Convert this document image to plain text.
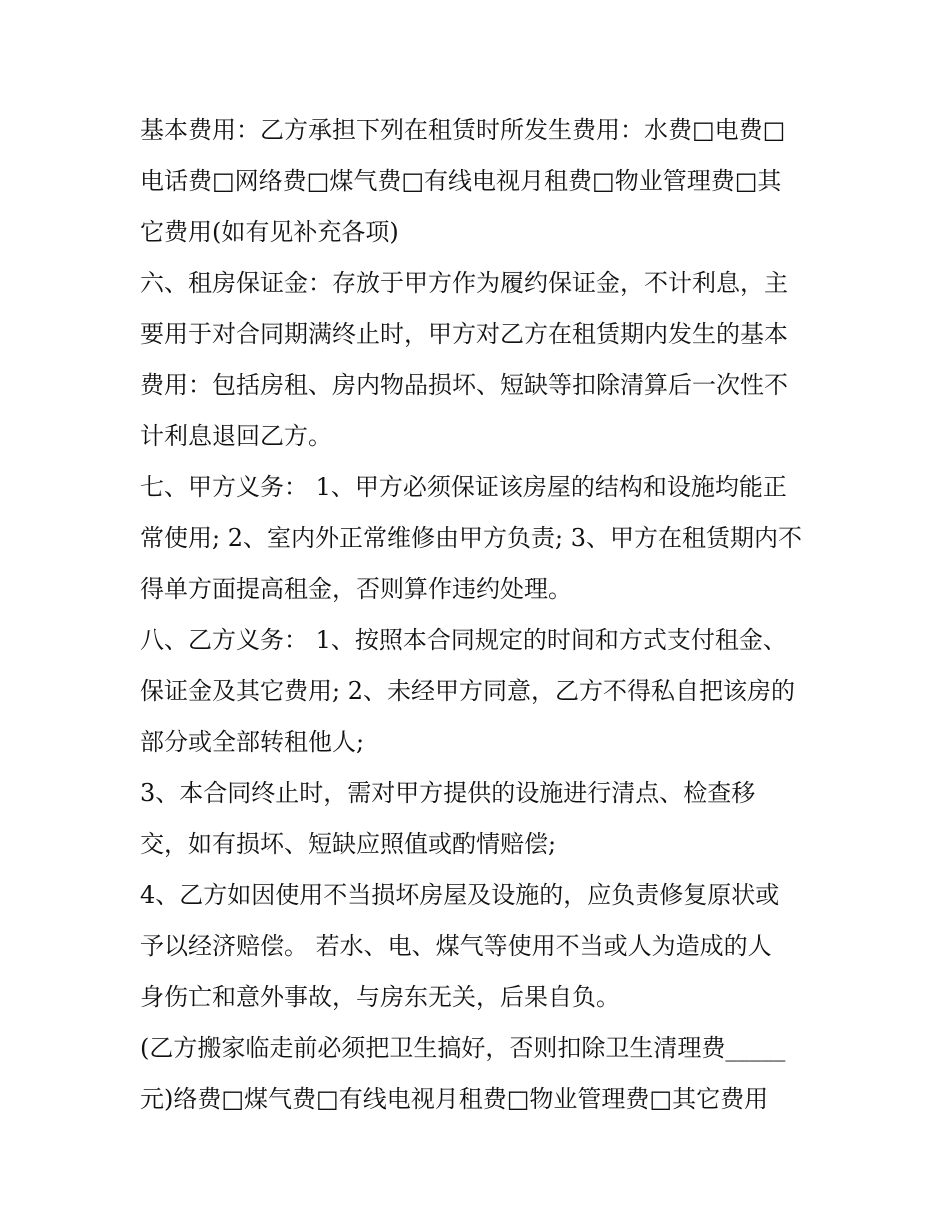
基本费用：乙方承担下列在租赁时所发生费用：水费□电费□
电话费□网络费□煤气费□有线电视月租费□物业管理费□其
它费用(如有见补充各项)
六、租房保证金：存放于甲方作为履约保证金，不计利息，主
要用于对合同期满终止时，甲方对乙方在租赁期内发生的基本
费用：包括房租、房内物品损坏、短缺等扣除清算后一次性不
计利息退回乙方。
七、甲方义务： 1、甲方必须保证该房屋的结构和设施均能正
常使用; 2、室内外正常维修由甲方负责; 3、甲方在租赁期内不
得单方面提高租金，否则算作违约处理。
八、乙方义务： 1、按照本合同规定的时间和方式支付租金、
保证金及其它费用; 2、未经甲方同意，乙方不得私自把该房的
部分或全部转租他人;
3、本合同终止时，需对甲方提供的设施进行清点、检查移
交，如有损坏、短缺应照值或酌情赔偿;
4、乙方如因使用不当损坏房屋及设施的，应负责修复原状或
予以经济赔偿。 若水、电、煤气等使用不当或人为造成的人
身伤亡和意外事故，与房东无关，后果自负。
(乙方搬家临走前必须把卫生搞好，否则扣除卫生清理费_____
元)络费□煤气费□有线电视月租费□物业管理费□其它费用
